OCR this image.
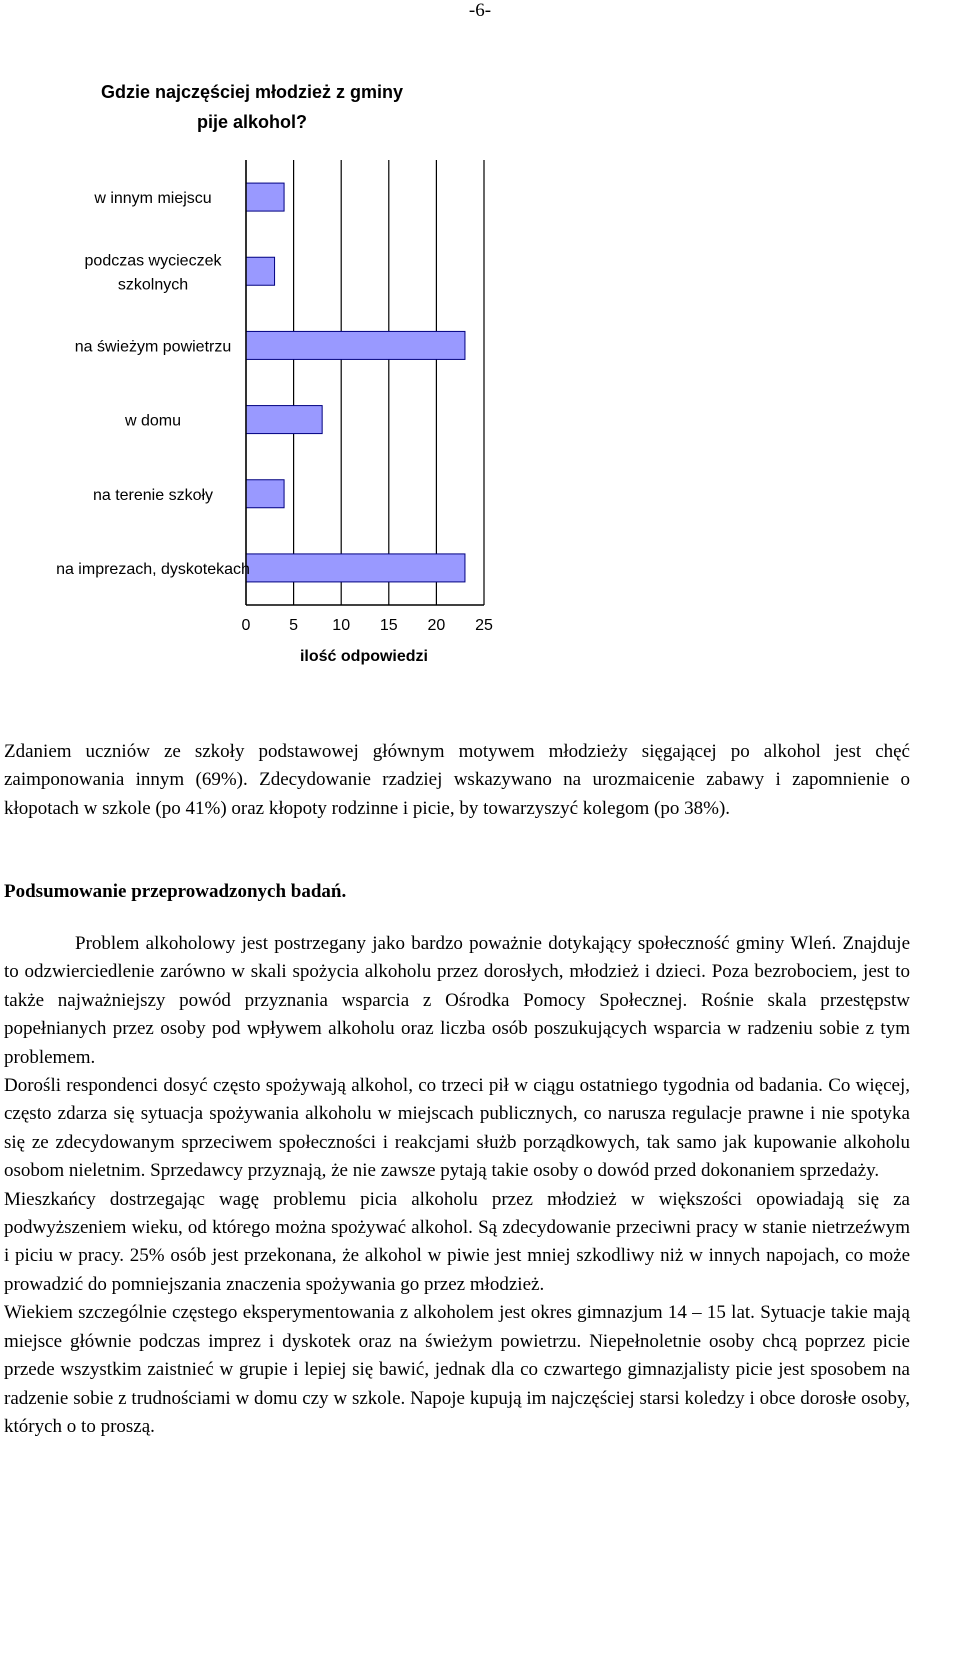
-6-
Gdzie najczęściej młodzież z gminy
pije alkohol?
w innym miejscu
podczas wycieczek
szkolnych
na świeżym powietrzu
w domu
na terenie szkoły
na imprezach, dyskotekach
0 5 10 15 20 25
ilość odpowiedzi

Zdaniem uczniów ze szkoły podstawowej głównym motywem młodzieży sięgającej po alkohol jest chęć zaimponowania innym (69%). Zdecydowanie rzadziej wskazywano na urozmaicenie zabawy i zapomnienie o kłopotach w szkole (po 41%) oraz kłopoty rodzinne i picie, by towarzyszyć kolegom (po 38%).

Podsumowanie przeprowadzonych badań.

Problem alkoholowy jest postrzegany jako bardzo poważnie dotykający społeczność gminy Wleń. Znajduje to odzwierciedlenie zarówno w skali spożycia alkoholu przez dorosłych, młodzież i dzieci. Poza bezrobociem, jest to także najważniejszy powód przyznania wsparcia z Ośrodka Pomocy Społecznej. Rośnie skala przestępstw popełnianych przez osoby pod wpływem alkoholu oraz liczba osób poszukujących wsparcia w radzeniu sobie z tym problemem.

Dorośli respondenci dosyć często spożywają alkohol, co trzeci pił w ciągu ostatniego tygodnia od badania. Co więcej, często zdarza się sytuacja spożywania alkoholu w miejscach publicznych, co narusza regulacje prawne i nie spotyka się ze zdecydowanym sprzeciwem społeczności i reakcjami służb porządkowych, tak samo jak kupowanie alkoholu osobom nieletnim. Sprzedawcy przyznają, że nie zawsze pytają takie osoby o dowód przed dokonaniem sprzedaży.

Mieszkańcy dostrzegając wagę problemu picia alkoholu przez młodzież w większości opowiadają się za podwyższeniem wieku, od którego można spożywać alkohol. Są zdecydowanie przeciwni pracy w stanie nietrzeźwym i piciu w pracy. 25% osób jest przekonana, że alkohol w piwie jest mniej szkodliwy niż w innych napojach, co może prowadzić do pomniejszania znaczenia spożywania go przez młodzież.

Wiekiem szczególnie częstego eksperymentowania z alkoholem jest okres gimnazjum 14 – 15 lat. Sytuacje takie mają miejsce głównie podczas imprez i dyskotek oraz na świeżym powietrzu. Niepełnoletnie osoby chcą poprzez picie przede wszystkim zaistnieć w grupie i lepiej się bawić, jednak dla co czwartego gimnazjalisty picie jest sposobem na radzenie sobie z trudnościami w domu czy w szkole. Napoje kupują im najczęściej starsi koledzy i obce dorosłe osoby, których o to proszą.
